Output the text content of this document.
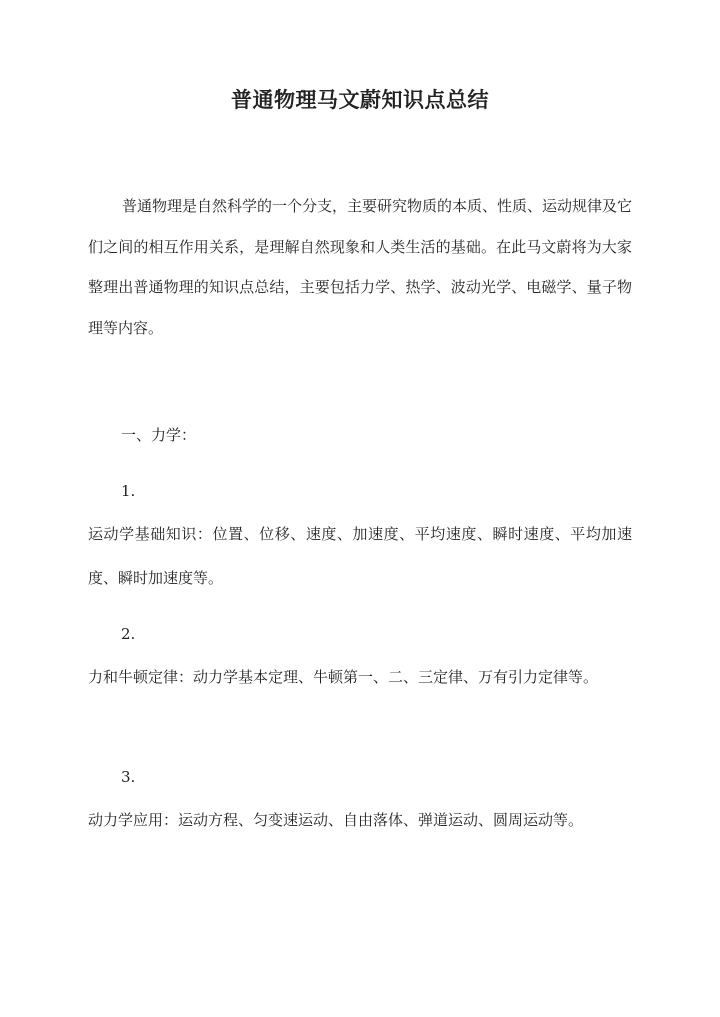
普通物理马文蔚知识点总结
普通物理是自然科学的一个分支，主要研究物质的本质、性质、运动规律及它们之间的相互作用关系，是理解自然现象和人类生活的基础。在此马文蔚将为大家整理出普通物理的知识点总结，主要包括力学、热学、波动光学、电磁学、量子物理等内容。
一、力学：
1.
运动学基础知识：位置、位移、速度、加速度、平均速度、瞬时速度、平均加速度、瞬时加速度等。
2.
力和牛顿定律：动力学基本定理、牛顿第一、二、三定律、万有引力定律等。
3.
动力学应用：运动方程、匀变速运动、自由落体、弹道运动、圆周运动等。
